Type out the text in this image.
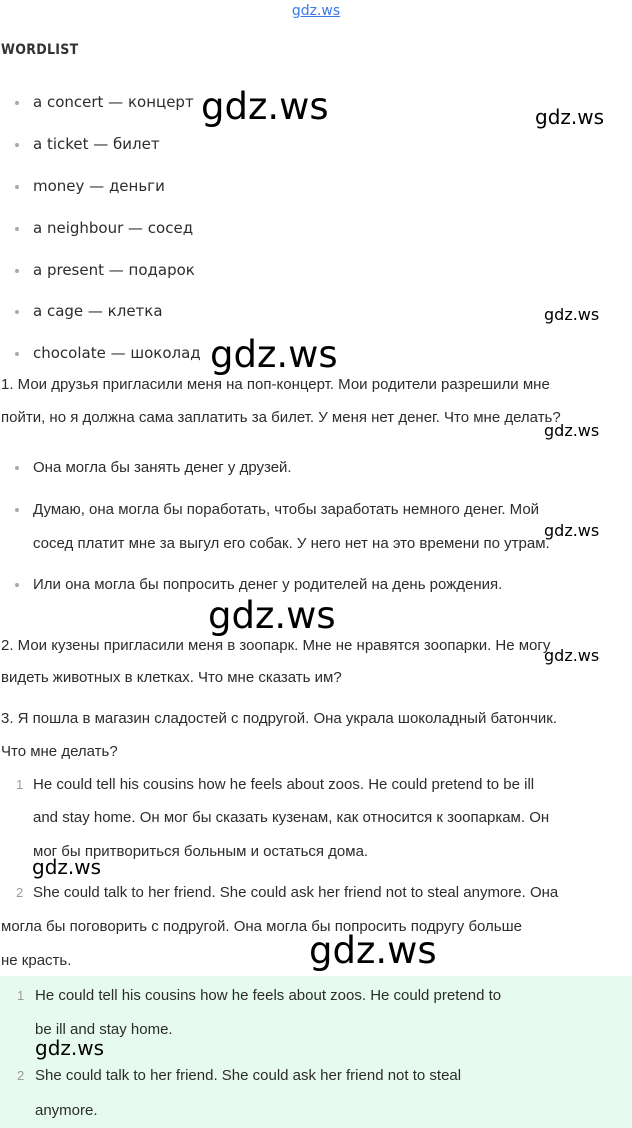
gdz.ws
WORDLIST
a concert — концерт
a ticket — билет
money — деньги
a neighbour — сосед
a present — подарок
a cage — клетка
chocolate — шоколад
1. Мои друзья пригласили меня на поп-концерт. Мои родители разрешили мне
пойти, но я должна сама заплатить за билет. У меня нет денег. Что мне делать?
Она могла бы занять денег у друзей.
Думаю, она могла бы поработать, чтобы заработать немного денег. Мой
сосед платит мне за выгул его собак. У него нет на это времени по утрам.
Или она могла бы попросить денег у родителей на день рождения.
2. Мои кузены пригласили меня в зоопарк. Мне не нравятся зоопарки. Не могу
видеть животных в клетках. Что мне сказать им?
3. Я пошла в магазин сладостей с подругой. Она украла шоколадный батончик.
Что мне делать?
1 He could tell his cousins how he feels about zoos. He could pretend to be ill
and stay home. Он мог бы сказать кузенам, как относится к зоопаркам. Он
мог бы притвориться больным и остаться дома.
2 She could talk to her friend. She could ask her friend not to steal anymore. Она
могла бы поговорить с подругой. Она могла бы попросить подругу больше
не красть.
1 He could tell his cousins how he feels about zoos. He could pretend to
be ill and stay home.
2 She could talk to her friend. She could ask her friend not to steal
anymore.
gdz.ws	gdz.ws
gdz.ws
gdz.ws
gdz.ws
gdz.ws
gdz.ws
gdz.ws
gdz.ws
gdz.ws
gdz.ws
